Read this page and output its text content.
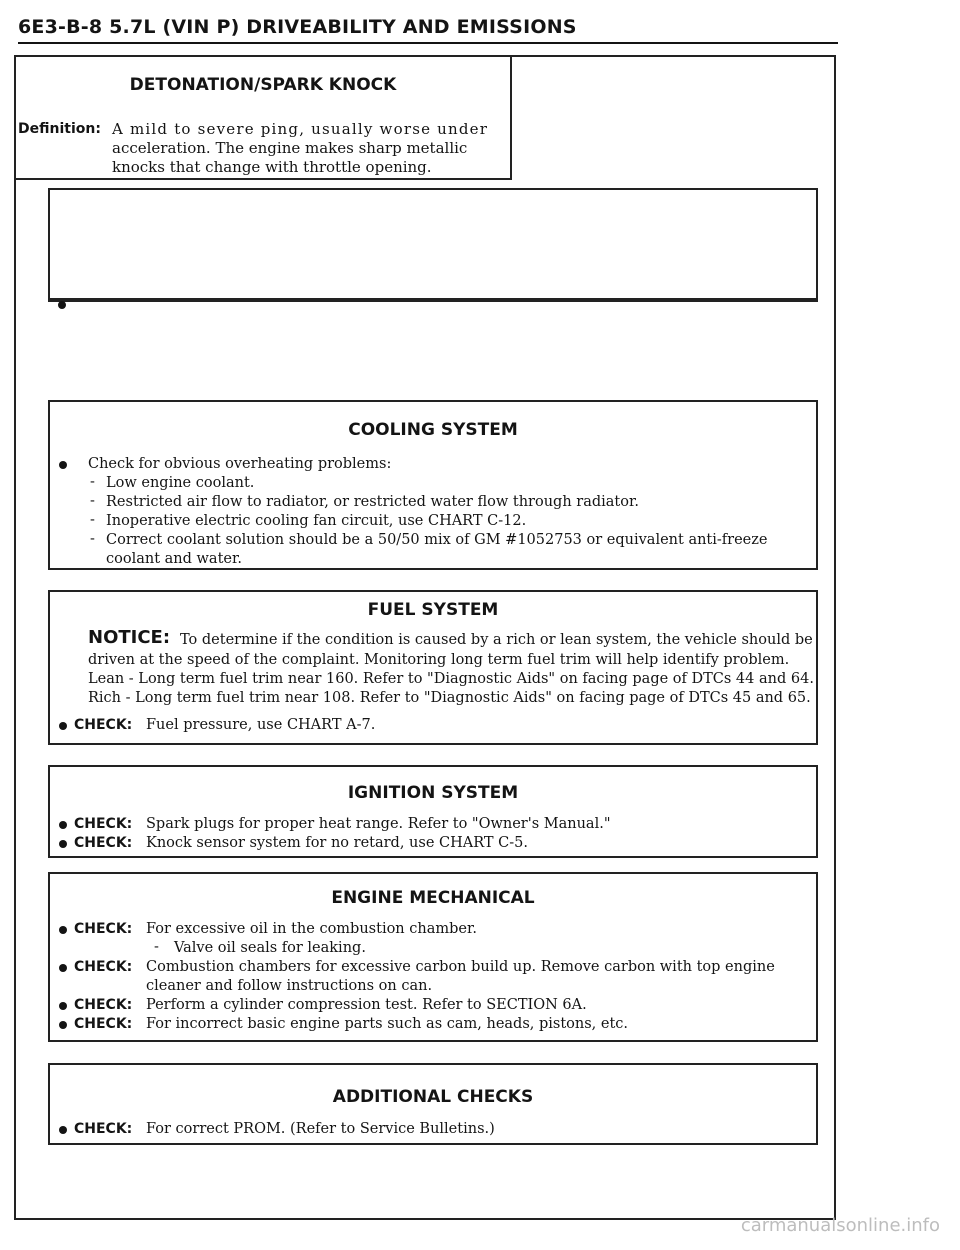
6E3-B-8 5.7L (VIN P) DRIVEABILITY AND EMISSIONS
DETONATION/SPARK KNOCK
Definition: A mild to severe ping, usually worse under
acceleration. The engine makes sharp metallic
knocks that change with throttle opening.
COOLING SYSTEM
Check for obvious overheating problems:
- Low engine coolant.
- Restricted air flow to radiator, or restricted water flow through radiator.
- Inoperative electric cooling fan circuit, use CHART C-12.
- Correct coolant solution should be a 50/50 mix of GM #1052753 or equivalent anti-freeze
coolant and water.
FUEL SYSTEM
NOTICE: To determine if the condition is caused by a rich or lean system, the vehicle should be
driven at the speed of the complaint. Monitoring long term fuel trim will help identify problem.
Lean - Long term fuel trim near 160. Refer to "Diagnostic Aids" on facing page of DTCs 44 and 64.
Rich - Long term fuel trim near 108. Refer to "Diagnostic Aids" on facing page of DTCs 45 and 65.
CHECK: Fuel pressure, use CHART A-7.
IGNITION SYSTEM
CHECK: Spark plugs for proper heat range. Refer to "Owner's Manual."
CHECK: Knock sensor system for no retard, use CHART C-5.
ENGINE MECHANICAL
CHECK: For excessive oil in the combustion chamber.
- Valve oil seals for leaking.
CHECK: Combustion chambers for excessive carbon build up. Remove carbon with top engine
cleaner and follow instructions on can.
CHECK: Perform a cylinder compression test. Refer to SECTION 6A.
CHECK: For incorrect basic engine parts such as cam, heads, pistons, etc.
ADDITIONAL CHECKS
CHECK: For correct PROM. (Refer to Service Bulletins.)
carmanualsonline.info
